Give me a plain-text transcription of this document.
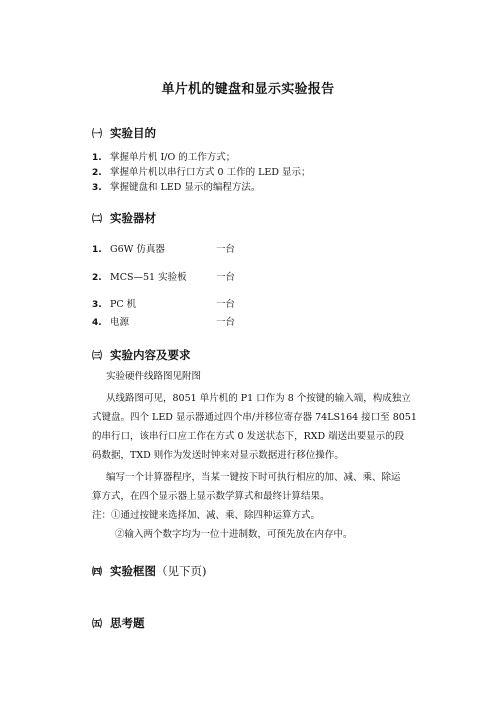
单片机的键盘和显示实验报告
㈠ 实验目的
1. 掌握单片机 I/O 的工作方式；
2. 掌握单片机以串行口方式 0 工作的 LED 显示；
3. 掌握键盘和 LED 显示的编程方法。
㈡ 实验器材
1. G6W 仿真器	一台
2. MCS—51 实验板	一台
3. PC 机	一台
4. 电源	一台
㈢ 实验内容及要求
实验硬件线路图见附图
从线路图可见，8051 单片机的 P1 口作为 8 个按键的输入端，构成独立
式键盘。四个 LED 显示器通过四个串/并移位寄存器 74LS164 接口至 8051
的串行口，该串行口应工作在方式 0 发送状态下，RXD 端送出要显示的段
码数据，TXD 则作为发送时钟来对显示数据进行移位操作。
编写一个计算器程序，当某一键按下时可执行相应的加、减、乘、除运
算方式，在四个显示器上显示数学算式和最终计算结果。
注：①通过按键来选择加、减、乘、除四种运算方式。
②输入两个数字均为一位十进制数，可预先放在内存中。
㈣ 实验框图（见下页)
㈤ 思考题
